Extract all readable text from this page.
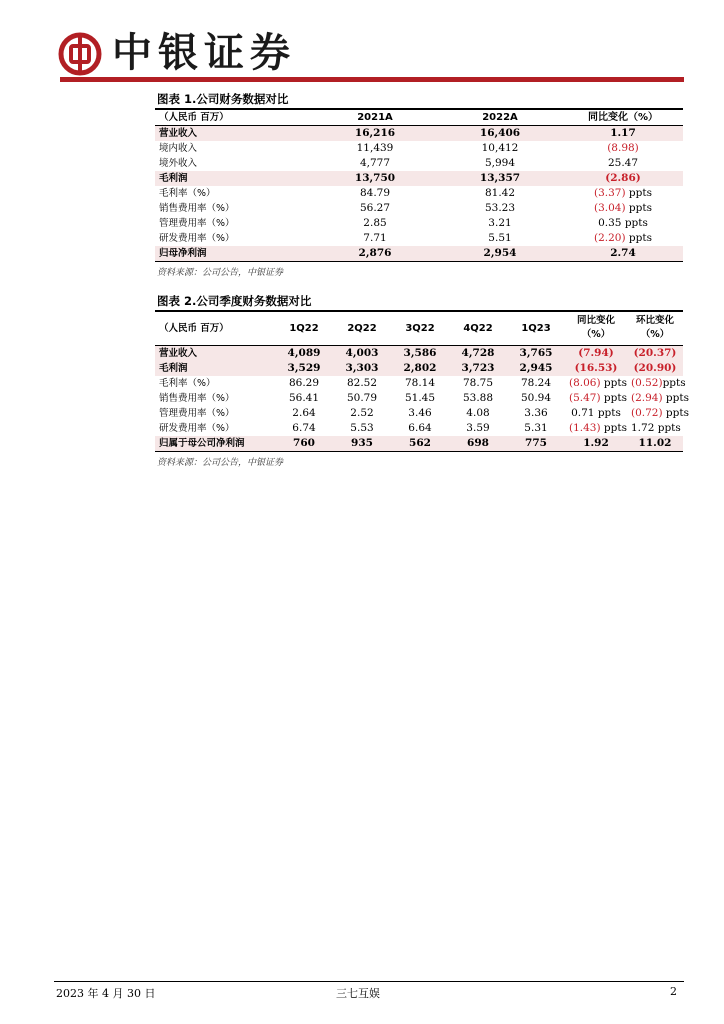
中银证券
图表 1.公司财务数据对比
（人民币 百万）	2021A	2022A	同比变化（%）
营业收入	16,216	16,406	1.17
境内收入	11,439	10,412	(8.98)
境外收入	4,777	5,994	25.47
毛利润	13,750	13,357	(2.86)
毛利率（%）	84.79	81.42	(3.37) ppts
销售费用率（%）	56.27	53.23	(3.04) ppts
管理费用率（%）	2.85	3.21	0.35 ppts
研发费用率（%）	7.71	5.51	(2.20) ppts
归母净利润	2,876	2,954	2.74
资料来源：公司公告，中银证券
图表 2.公司季度财务数据对比
（人民币 百万）	1Q22	2Q22	3Q22	4Q22	1Q23	同比变化（%）	环比变化（%）
营业收入	4,089	4,003	3,586	4,728	3,765	(7.94)	(20.37)
毛利润	3,529	3,303	2,802	3,723	2,945	(16.53)	(20.90)
毛利率（%）	86.29	82.52	78.14	78.75	78.24	(8.06) ppts	(0.52)ppts
销售费用率（%）	56.41	50.79	51.45	53.88	50.94	(5.47) ppts	(2.94) ppts
管理费用率（%）	2.64	2.52	3.46	4.08	3.36	0.71 ppts	(0.72) ppts
研发费用率（%）	6.74	5.53	6.64	3.59	5.31	(1.43) ppts	1.72 ppts
归属于母公司净利润	760	935	562	698	775	1.92	11.02
资料来源：公司公告，中银证券
2023 年 4 月 30 日	三七互娱	2
